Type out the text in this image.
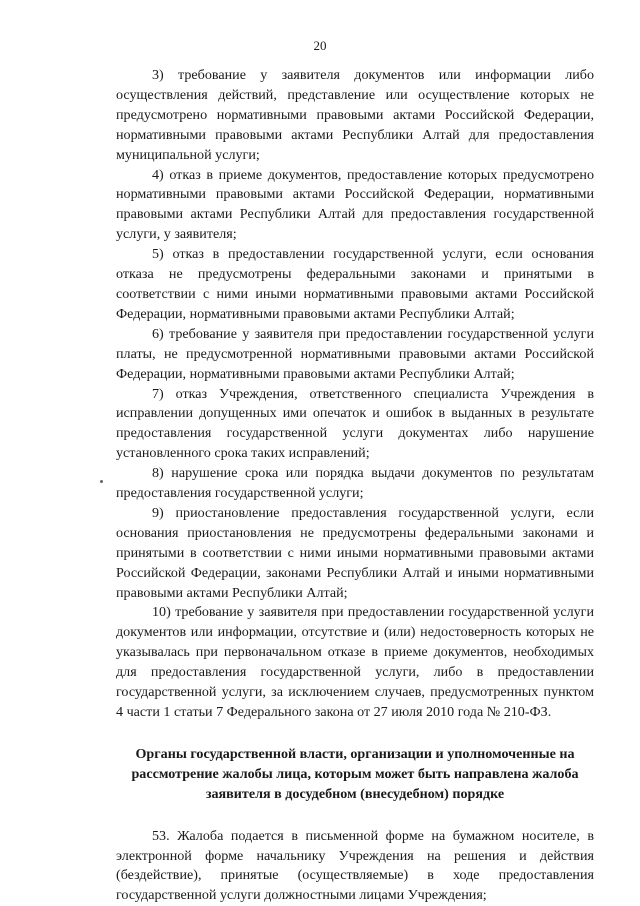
20

3) требование у заявителя документов или информации либо осуществления действий, представление или осуществление которых не предусмотрено нормативными правовыми актами Российской Федерации, нормативными правовыми актами Республики Алтай для предоставления муниципальной услуги;

4) отказ в приеме документов, предоставление которых предусмотрено нормативными правовыми актами Российской Федерации, нормативными правовыми актами Республики Алтай для предоставления государственной услуги, у заявителя;

5) отказ в предоставлении государственной услуги, если основания отказа не предусмотрены федеральными законами и принятыми в соответствии с ними иными нормативными правовыми актами Российской Федерации, нормативными правовыми актами Республики Алтай;

6) требование у заявителя при предоставлении государственной услуги платы, не предусмотренной нормативными правовыми актами Российской Федерации, нормативными правовыми актами Республики Алтай;

7) отказ Учреждения, ответственного специалиста Учреждения в исправлении допущенных ими опечаток и ошибок в выданных в результате предоставления государственной услуги документах либо нарушение установленного срока таких исправлений;

8) нарушение срока или порядка выдачи документов по результатам предоставления государственной услуги;

9) приостановление предоставления государственной услуги, если основания приостановления не предусмотрены федеральными законами и принятыми в соответствии с ними иными нормативными правовыми актами Российской Федерации, законами Республики Алтай и иными нормативными правовыми актами Республики Алтай;

10) требование у заявителя при предоставлении государственной услуги документов или информации, отсутствие и (или) недостоверность которых не указывалась при первоначальном отказе в приеме документов, необходимых для предоставления государственной услуги, либо в предоставлении государственной услуги, за исключением случаев, предусмотренных пунктом 4 части 1 статьи 7 Федерального закона от 27 июля 2010 года № 210-ФЗ.

Органы государственной власти, организации и уполномоченные на рассмотрение жалобы лица, которым может быть направлена жалоба заявителя в досудебном (внесудебном) порядке

53. Жалоба подается в письменной форме на бумажном носителе, в электронной форме начальнику Учреждения на решения и действия (бездействие), принятые (осуществляемые) в ходе предоставления государственной услуги должностными лицами Учреждения;
